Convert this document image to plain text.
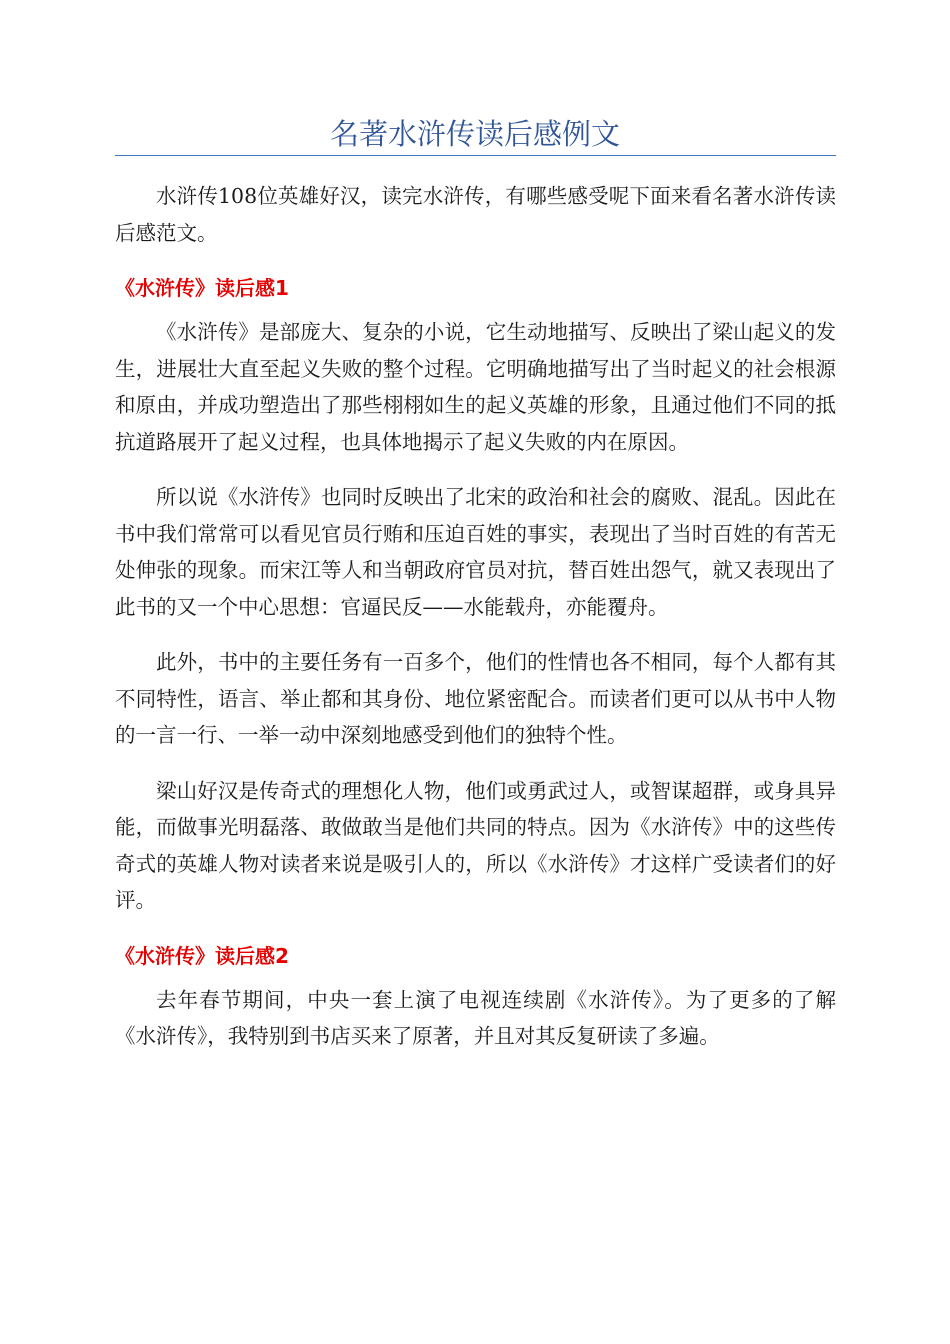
名著水浒传读后感例文

水浒传108位英雄好汉，读完水浒传，有哪些感受呢下面来看名著水浒传读后感范文。

《水浒传》读后感1

《水浒传》是部庞大、复杂的小说，它生动地描写、反映出了梁山起义的发生，进展壮大直至起义失败的整个过程。它明确地描写出了当时起义的社会根源和原由，并成功塑造出了那些栩栩如生的起义英雄的形象，且通过他们不同的抵抗道路展开了起义过程，也具体地揭示了起义失败的内在原因。

所以说《水浒传》也同时反映出了北宋的政治和社会的腐败、混乱。因此在书中我们常常可以看见官员行贿和压迫百姓的事实，表现出了当时百姓的有苦无处伸张的现象。而宋江等人和当朝政府官员对抗，替百姓出怨气，就又表现出了此书的又一个中心思想：官逼民反——水能载舟，亦能覆舟。

此外，书中的主要任务有一百多个，他们的性情也各不相同，每个人都有其不同特性，语言、举止都和其身份、地位紧密配合。而读者们更可以从书中人物的一言一行、一举一动中深刻地感受到他们的独特个性。

梁山好汉是传奇式的理想化人物，他们或勇武过人，或智谋超群，或身具异能，而做事光明磊落、敢做敢当是他们共同的特点。因为《水浒传》中的这些传奇式的英雄人物对读者来说是吸引人的，所以《水浒传》才这样广受读者们的好评。

《水浒传》读后感2

去年春节期间，中央一套上演了电视连续剧《水浒传》。为了更多的了解《水浒传》，我特别到书店买来了原著，并且对其反复研读了多遍。
